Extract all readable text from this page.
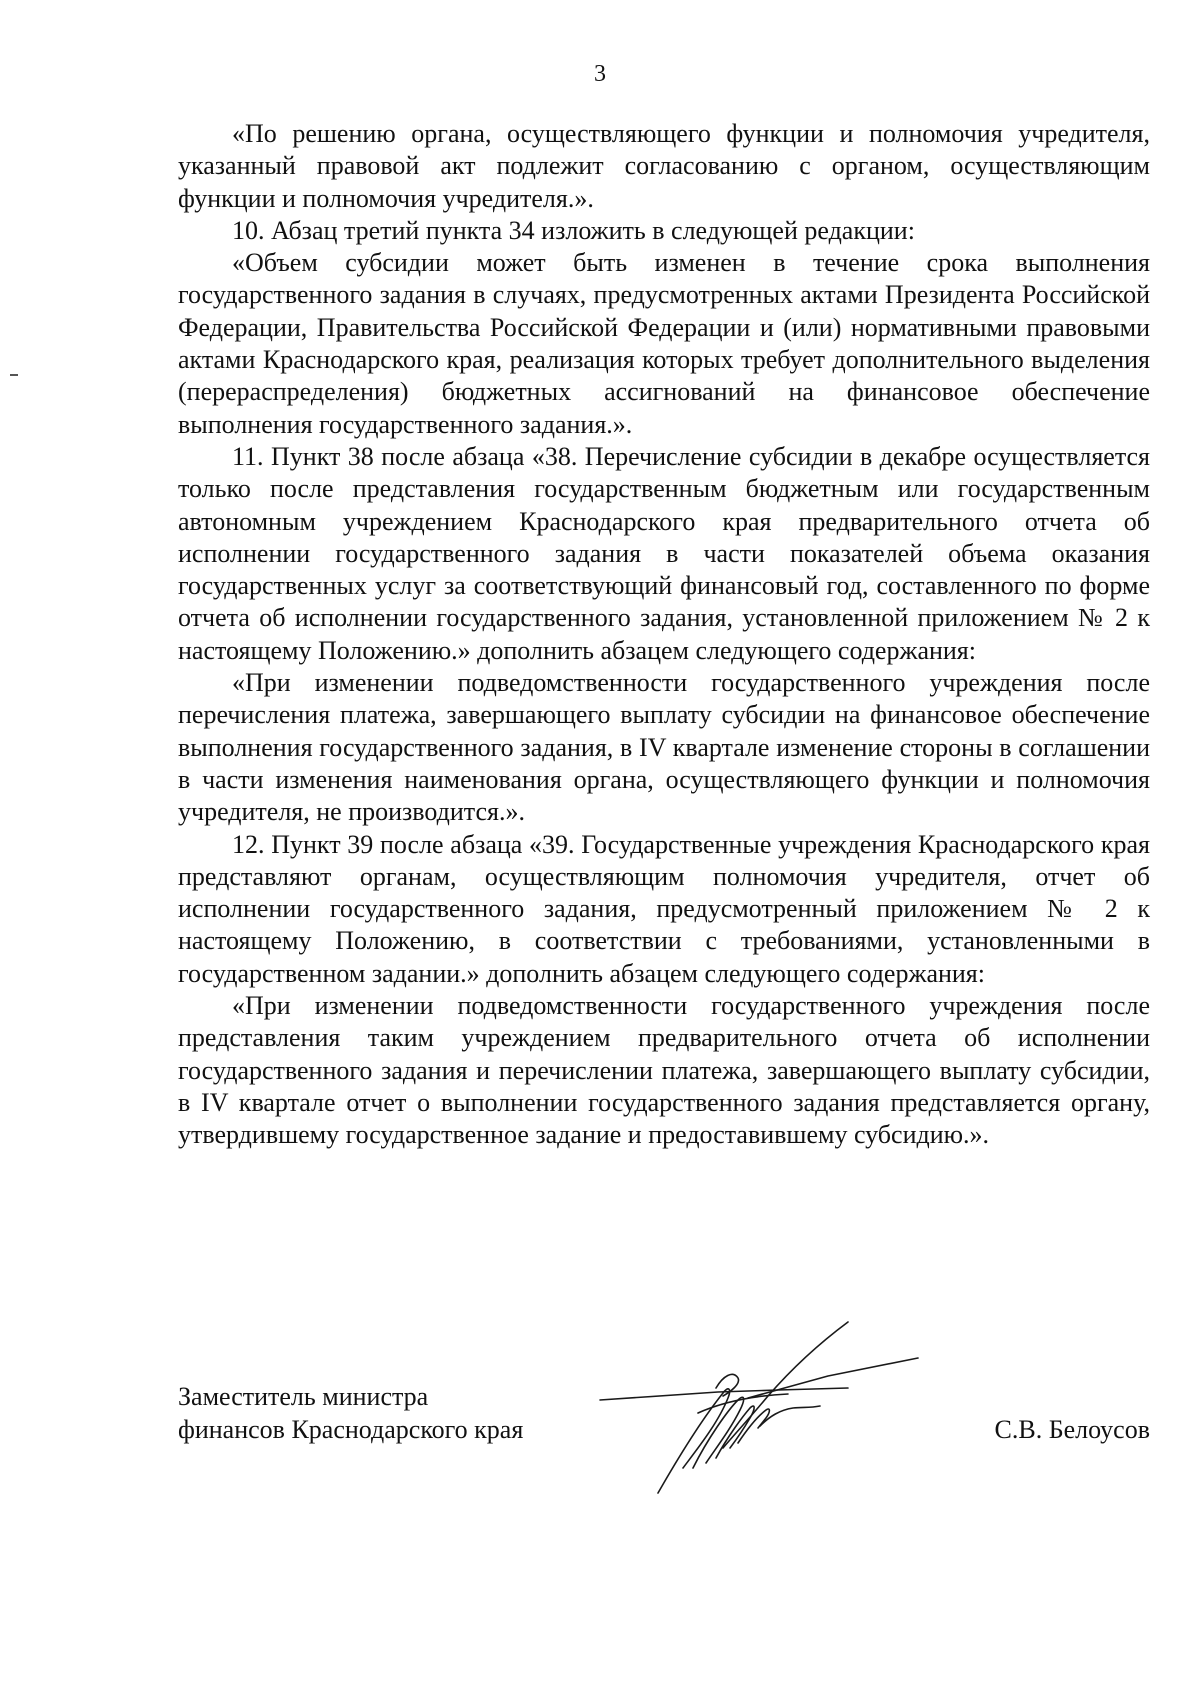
3

«По решению органа, осуществляющего функции и полномочия учредителя, указанный правовой акт подлежит согласованию с органом, осуществляющим функции и полномочия учредителя.».

10. Абзац третий пункта 34 изложить в следующей редакции:

«Объем субсидии может быть изменен в течение срока выполнения государственного задания в случаях, предусмотренных актами Президента Российской Федерации, Правительства Российской Федерации и (или) нормативными правовыми актами Краснодарского края, реализация которых требует дополнительного выделения (перераспределения) бюджетных ассигнований на финансовое обеспечение выполнения государственного задания.».

11. Пункт 38 после абзаца «38. Перечисление субсидии в декабре осуществляется только после представления государственным бюджетным или государственным автономным учреждением Краснодарского края предварительного отчета об исполнении государственного задания в части показателей объема оказания государственных услуг за соответствующий финансовый год, составленного по форме отчета об исполнении государственного задания, установленной приложением № 2 к настоящему Положению.» дополнить абзацем следующего содержания:

«При изменении подведомственности государственного учреждения после перечисления платежа, завершающего выплату субсидии на финансовое обеспечение выполнения государственного задания, в IV квартале изменение стороны в соглашении в части изменения наименования органа, осуществляющего функции и полномочия учредителя, не производится.».

12. Пункт 39 после абзаца «39. Государственные учреждения Краснодарского края представляют органам, осуществляющим полномочия учредителя, отчет об исполнении государственного задания, предусмотренный приложением № 2 к настоящему Положению, в соответствии с требованиями, установленными в государственном задании.» дополнить абзацем следующего содержания:

«При изменении подведомственности государственного учреждения после представления таким учреждением предварительного отчета об исполнении государственного задания и перечислении платежа, завершающего выплату субсидии, в IV квартале отчет о выполнении государственного задания представляется органу, утвердившему государственное задание и предоставившему субсидию.».

Заместитель министра
финансов Краснодарского края	С.В. Белоусов
